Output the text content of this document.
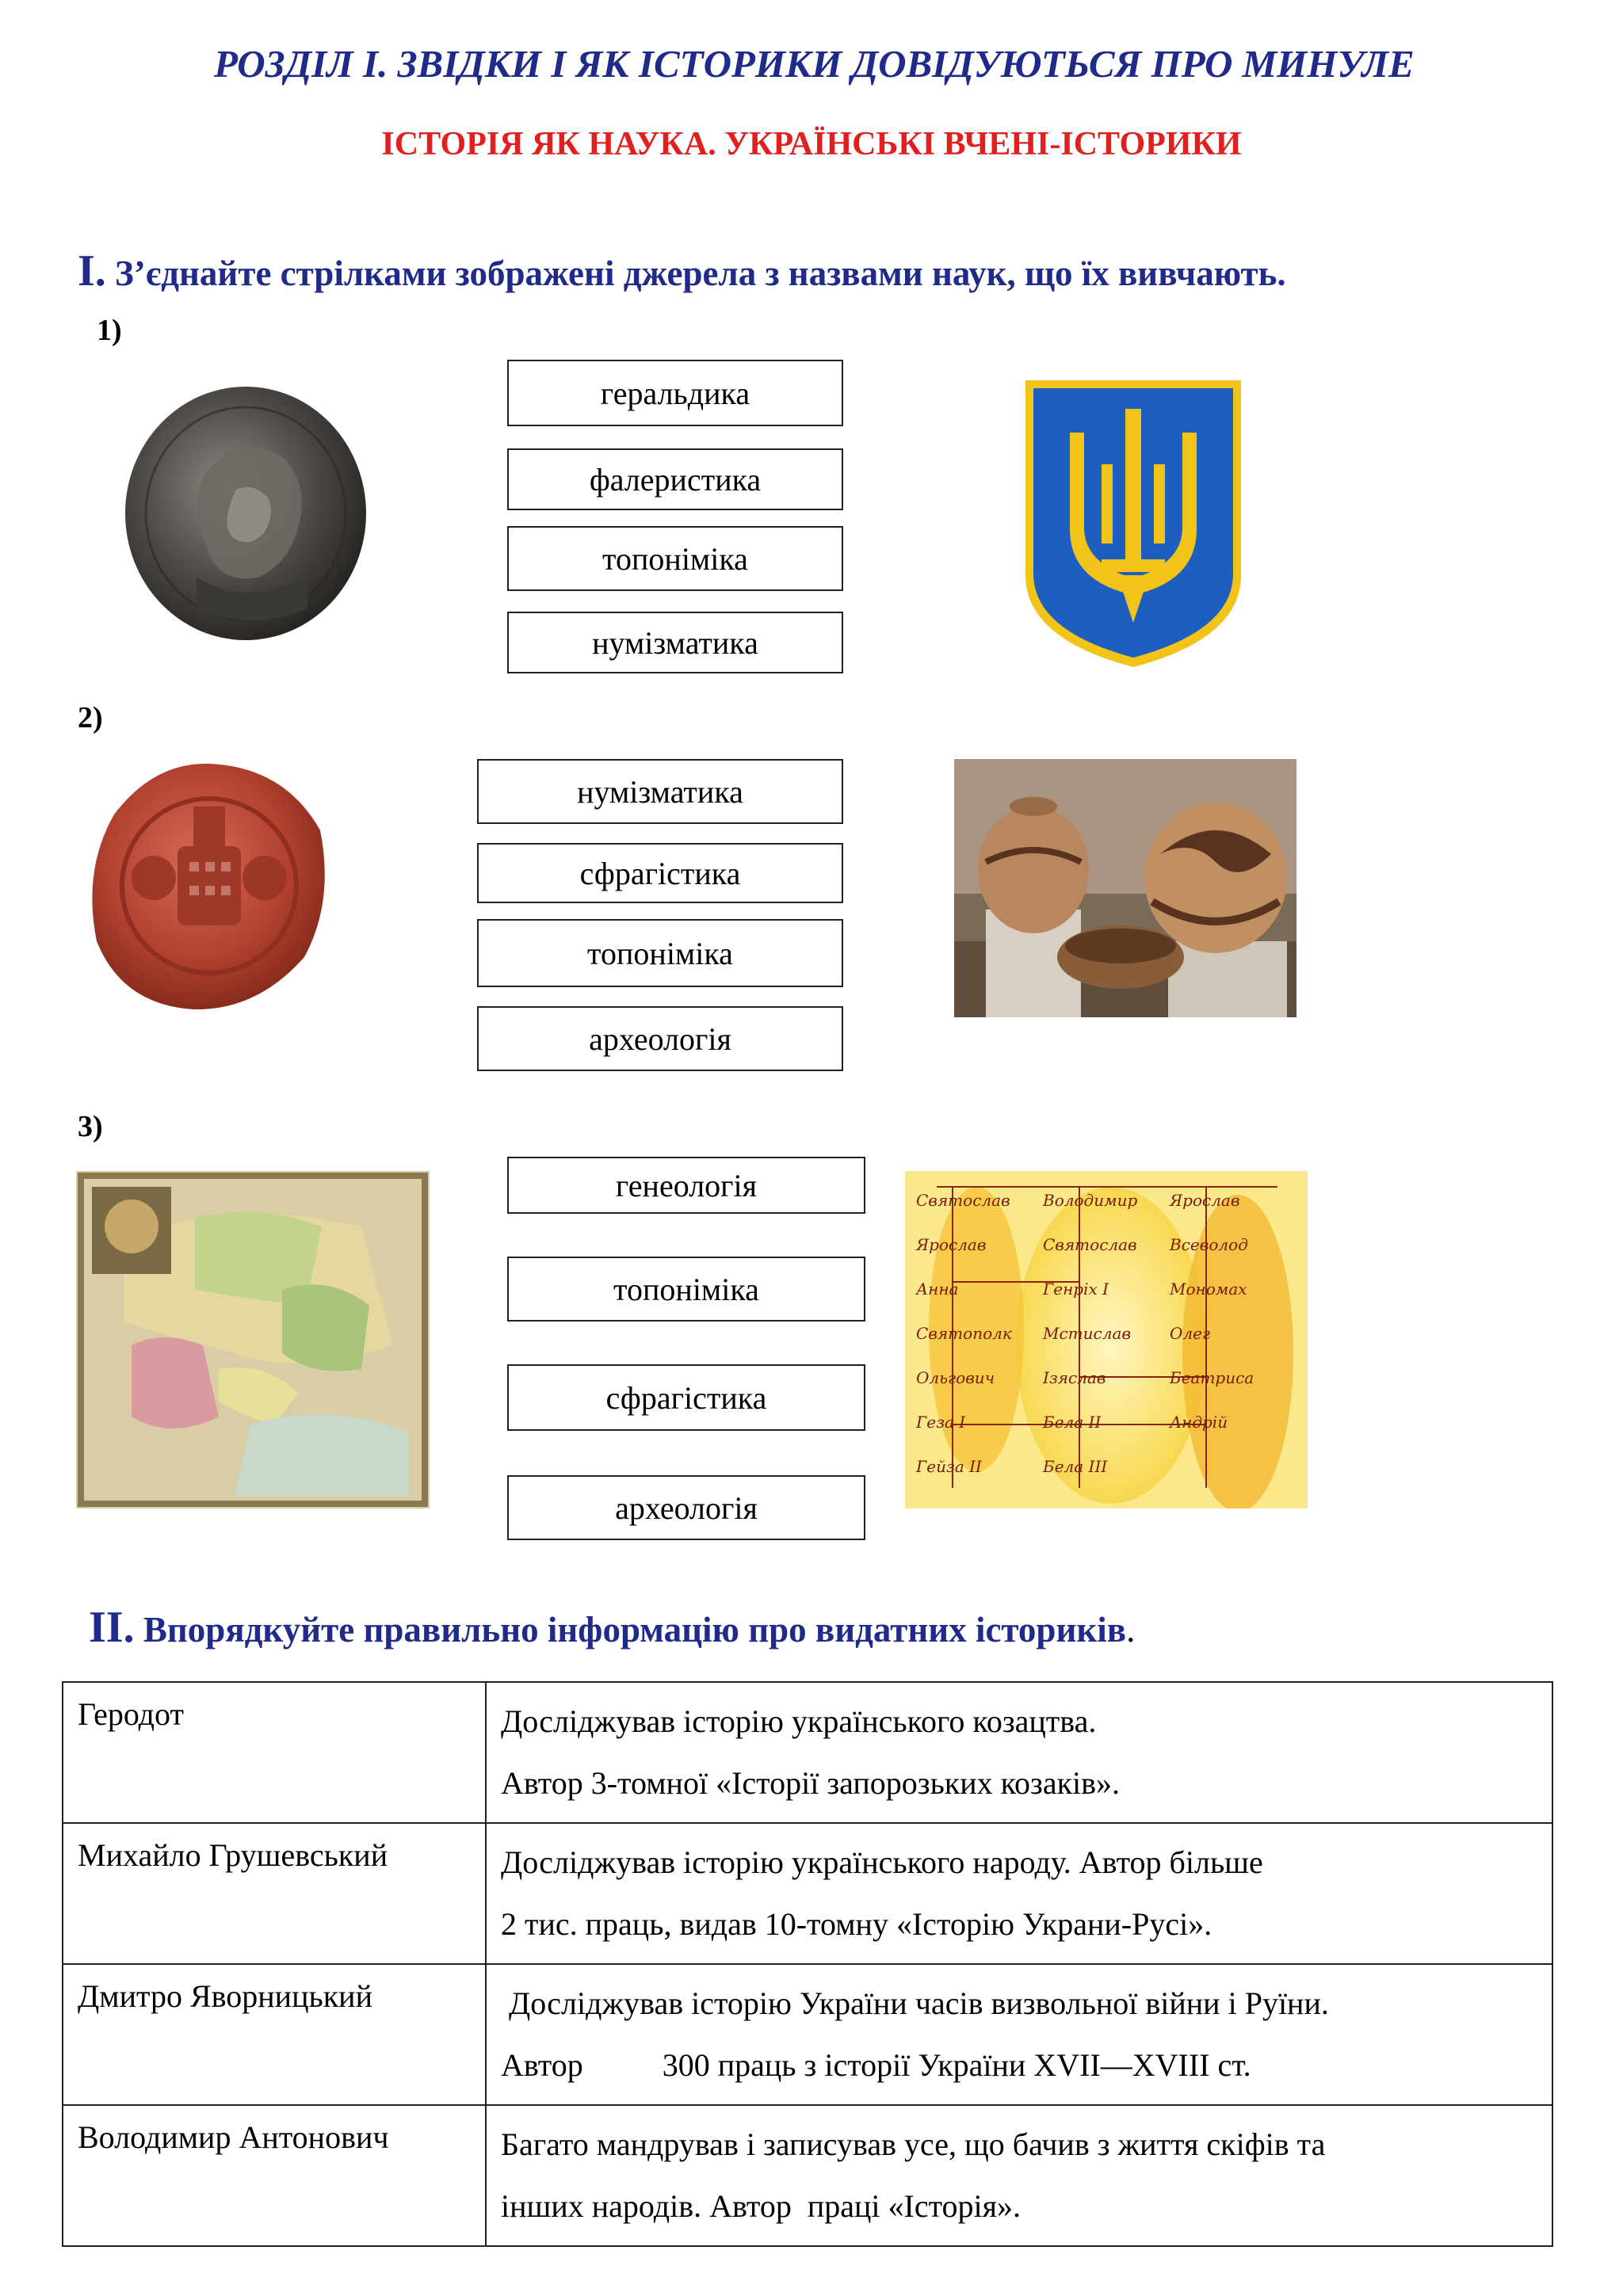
РОЗДІЛ І. ЗВІДКИ І ЯК ІСТОРИКИ ДОВІДУЮТЬСЯ ПРО МИНУЛЕ
ІСТОРІЯ ЯК НАУКА. УКРАЇНСЬКІ ВЧЕНІ-ІСТОРИКИ
І. З’єднайте стрілками зображені джерела з назвами наук, що їх вивчають.
1)
геральдика
фалеристика
топоніміка
нумізматика
2)
нумізматика
сфрагістика
топоніміка
археологія
3)
генеологія
топоніміка
сфрагістика
археологія
Святослав Володимир Ярослав
Ярослав	Святослав Всеволод
Анна	Генріх І	Мономах
Святополк Мстислав Олег
Ольгович	Ізяслав	Беатриса
Геза І	Бела ІІ	Андрій
Гейза ІІ	Бела ІІІ
ІІ. Впорядкуйте правильно інформацію про видатних істориків.
Геродот	Досліджував історію українського козацтва.
Автор 3-томної «Історії запорозьких козаків».

Михайло Грушевський	Досліджував історію українського народу. Автор більше
2 тис. праць, видав 10-томну «Історію Украни-Русі».

Дмитро Яворницький	Досліджував історію України часів визвольної війни і Руїни.
Автор          300 праць з історії України XVII—XVIII ст.

Володимир Антонович	Багато мандрував і записував усе, що бачив з життя скіфів та
інших народів. Автор  праці «Історія».
